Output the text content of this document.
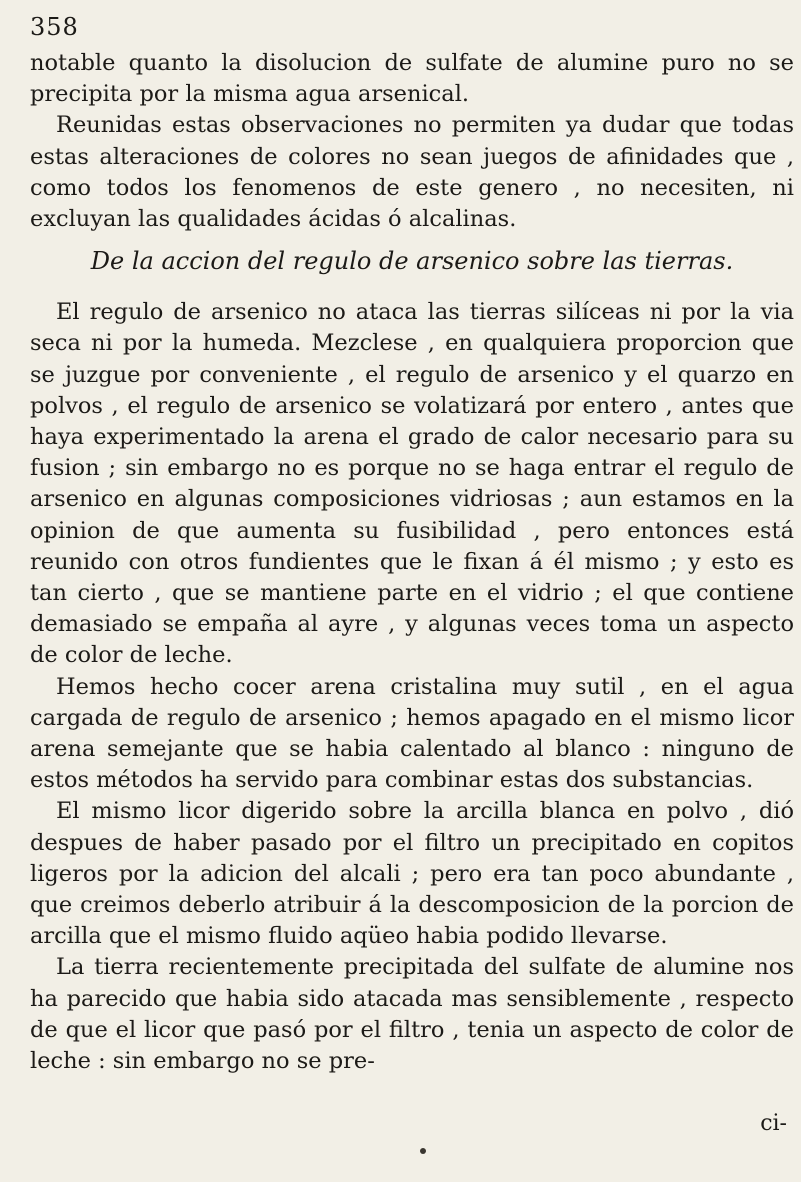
358

notable quanto la disolucion de sulfate de alumine puro no se precipita por la misma agua arsenical.

Reunidas estas observaciones no permiten ya dudar que todas estas alteraciones de colores no sean juegos de afinidades que , como todos los fenomenos de este genero , no necesiten, ni excluyan las qualidades ácidas ó alcalinas.

De la accion del regulo de arsenico sobre las tierras.

El regulo de arsenico no ataca las tierras silíceas ni por la via seca ni por la humeda. Mezclese , en qualquiera proporcion que se juzgue por conveniente , el regulo de arsenico y el quarzo en polvos , el regulo de arsenico se volatizará por entero , antes que haya experimentado la arena el grado de calor necesario para su fusion ; sin embargo no es porque no se haga entrar el regulo de arsenico en algunas composiciones vidriosas ; aun estamos en la opinion de que aumenta su fusibilidad , pero entonces está reunido con otros fundientes que le fixan á él mismo ; y esto es tan cierto , que se mantiene parte en el vidrio ; el que contiene demasiado se empaña al ayre , y algunas veces toma un aspecto de color de leche.

Hemos hecho cocer arena cristalina muy sutil , en el agua cargada de regulo de arsenico ; hemos apagado en el mismo licor arena semejante que se habia calentado al blanco : ninguno de estos métodos ha servido para combinar estas dos substancias.

El mismo licor digerido sobre la arcilla blanca en polvo , dió despues de haber pasado por el filtro un precipitado en copitos ligeros por la adicion del alcali ; pero era tan poco abundante , que creimos deberlo atribuir á la descomposicion de la porcion de arcilla que el mismo fluido aqüeo habia podido llevarse.

La tierra recientemente precipitada del sulfate de alumine nos ha parecido que habia sido atacada mas sensiblemente , respecto de que el licor que pasó por el filtro , tenia un aspecto de color de leche : sin embargo no se pre-

ci-
